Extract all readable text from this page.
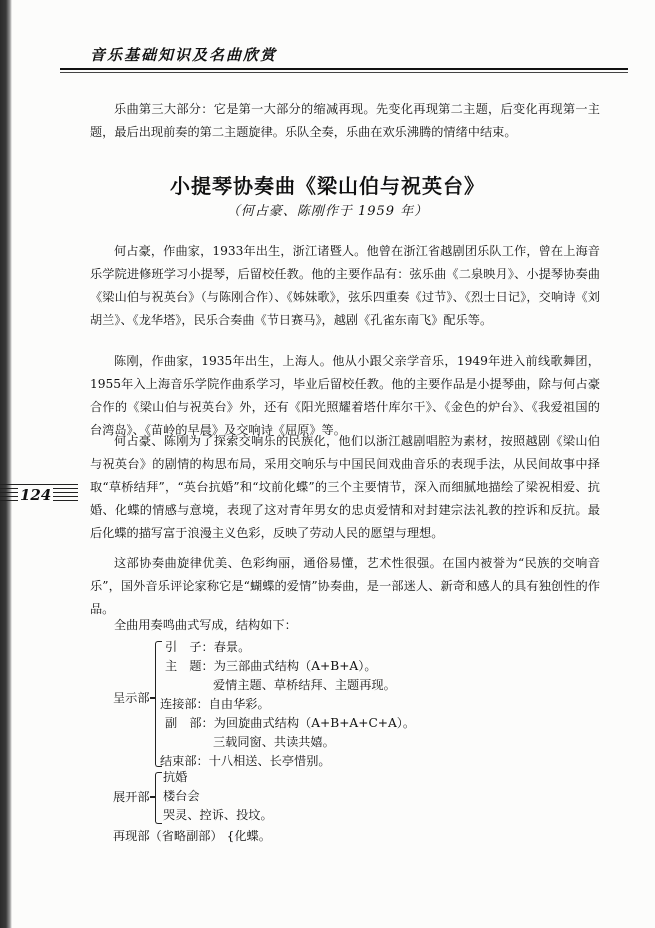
音乐基础知识及名曲欣赏
乐曲第三大部分：它是第一大部分的缩减再现。先变化再现第二主题，后变化再现第一主题，最后出现前奏的第二主题旋律。乐队全奏，乐曲在欢乐沸腾的情绪中结束。
小提琴协奏曲《梁山伯与祝英台》
（何占豪、陈刚作于 1959 年）
何占豪，作曲家，1933年出生，浙江诸暨人。他曾在浙江省越剧团乐队工作，曾在上海音乐学院进修班学习小提琴，后留校任教。他的主要作品有：弦乐曲《二泉映月》、小提琴协奏曲《梁山伯与祝英台》（与陈刚合作）、《姊妹歌》，弦乐四重奏《过节》、《烈士日记》，交响诗《刘胡兰》、《龙华塔》，民乐合奏曲《节日赛马》，越剧《孔雀东南飞》配乐等。
陈刚，作曲家，1935年出生，上海人。他从小跟父亲学音乐，1949年进入前线歌舞团，1955年入上海音乐学院作曲系学习，毕业后留校任教。他的主要作品是小提琴曲，除与何占豪合作的《梁山伯与祝英台》外，还有《阳光照耀着塔什库尔干》、《金色的炉台》、《我爱祖国的台湾岛》、《苗岭的早晨》及交响诗《屈原》等。
何占豪、陈刚为了探索交响乐的民族化，他们以浙江越剧唱腔为素材，按照越剧《梁山伯与祝英台》的剧情的构思布局，采用交响乐与中国民间戏曲音乐的表现手法，从民间故事中择取“草桥结拜”，“英台抗婚”和“坟前化蝶”的三个主要情节，深入而细腻地描绘了梁祝相爱、抗婚、化蝶的情感与意境，表现了这对青年男女的忠贞爱情和对封建宗法礼教的控诉和反抗。最后化蝶的描写富于浪漫主义色彩，反映了劳动人民的愿望与理想。
这部协奏曲旋律优美、色彩绚丽，通俗易懂，艺术性很强。在国内被誉为“民族的交响音乐”，国外音乐评论家称它是“蝴蝶的爱情”协奏曲，是一部迷人、新奇和感人的具有独创性的作品。
全曲用奏鸣曲式写成，结构如下：
124
呈示部
引　子：春景。
主　题：为三部曲式结构（A+B+A）。
爱情主题、草桥结拜、主题再现。
连接部：自由华彩。
副　部：为回旋曲式结构（A+B+A+C+A）。
三载同窗、共读共嬉。
结束部：十八相送、长亭惜别。
展开部
抗婚
楼台会
哭灵、控诉、投坟。
再现部（省略副部） {化蝶。
